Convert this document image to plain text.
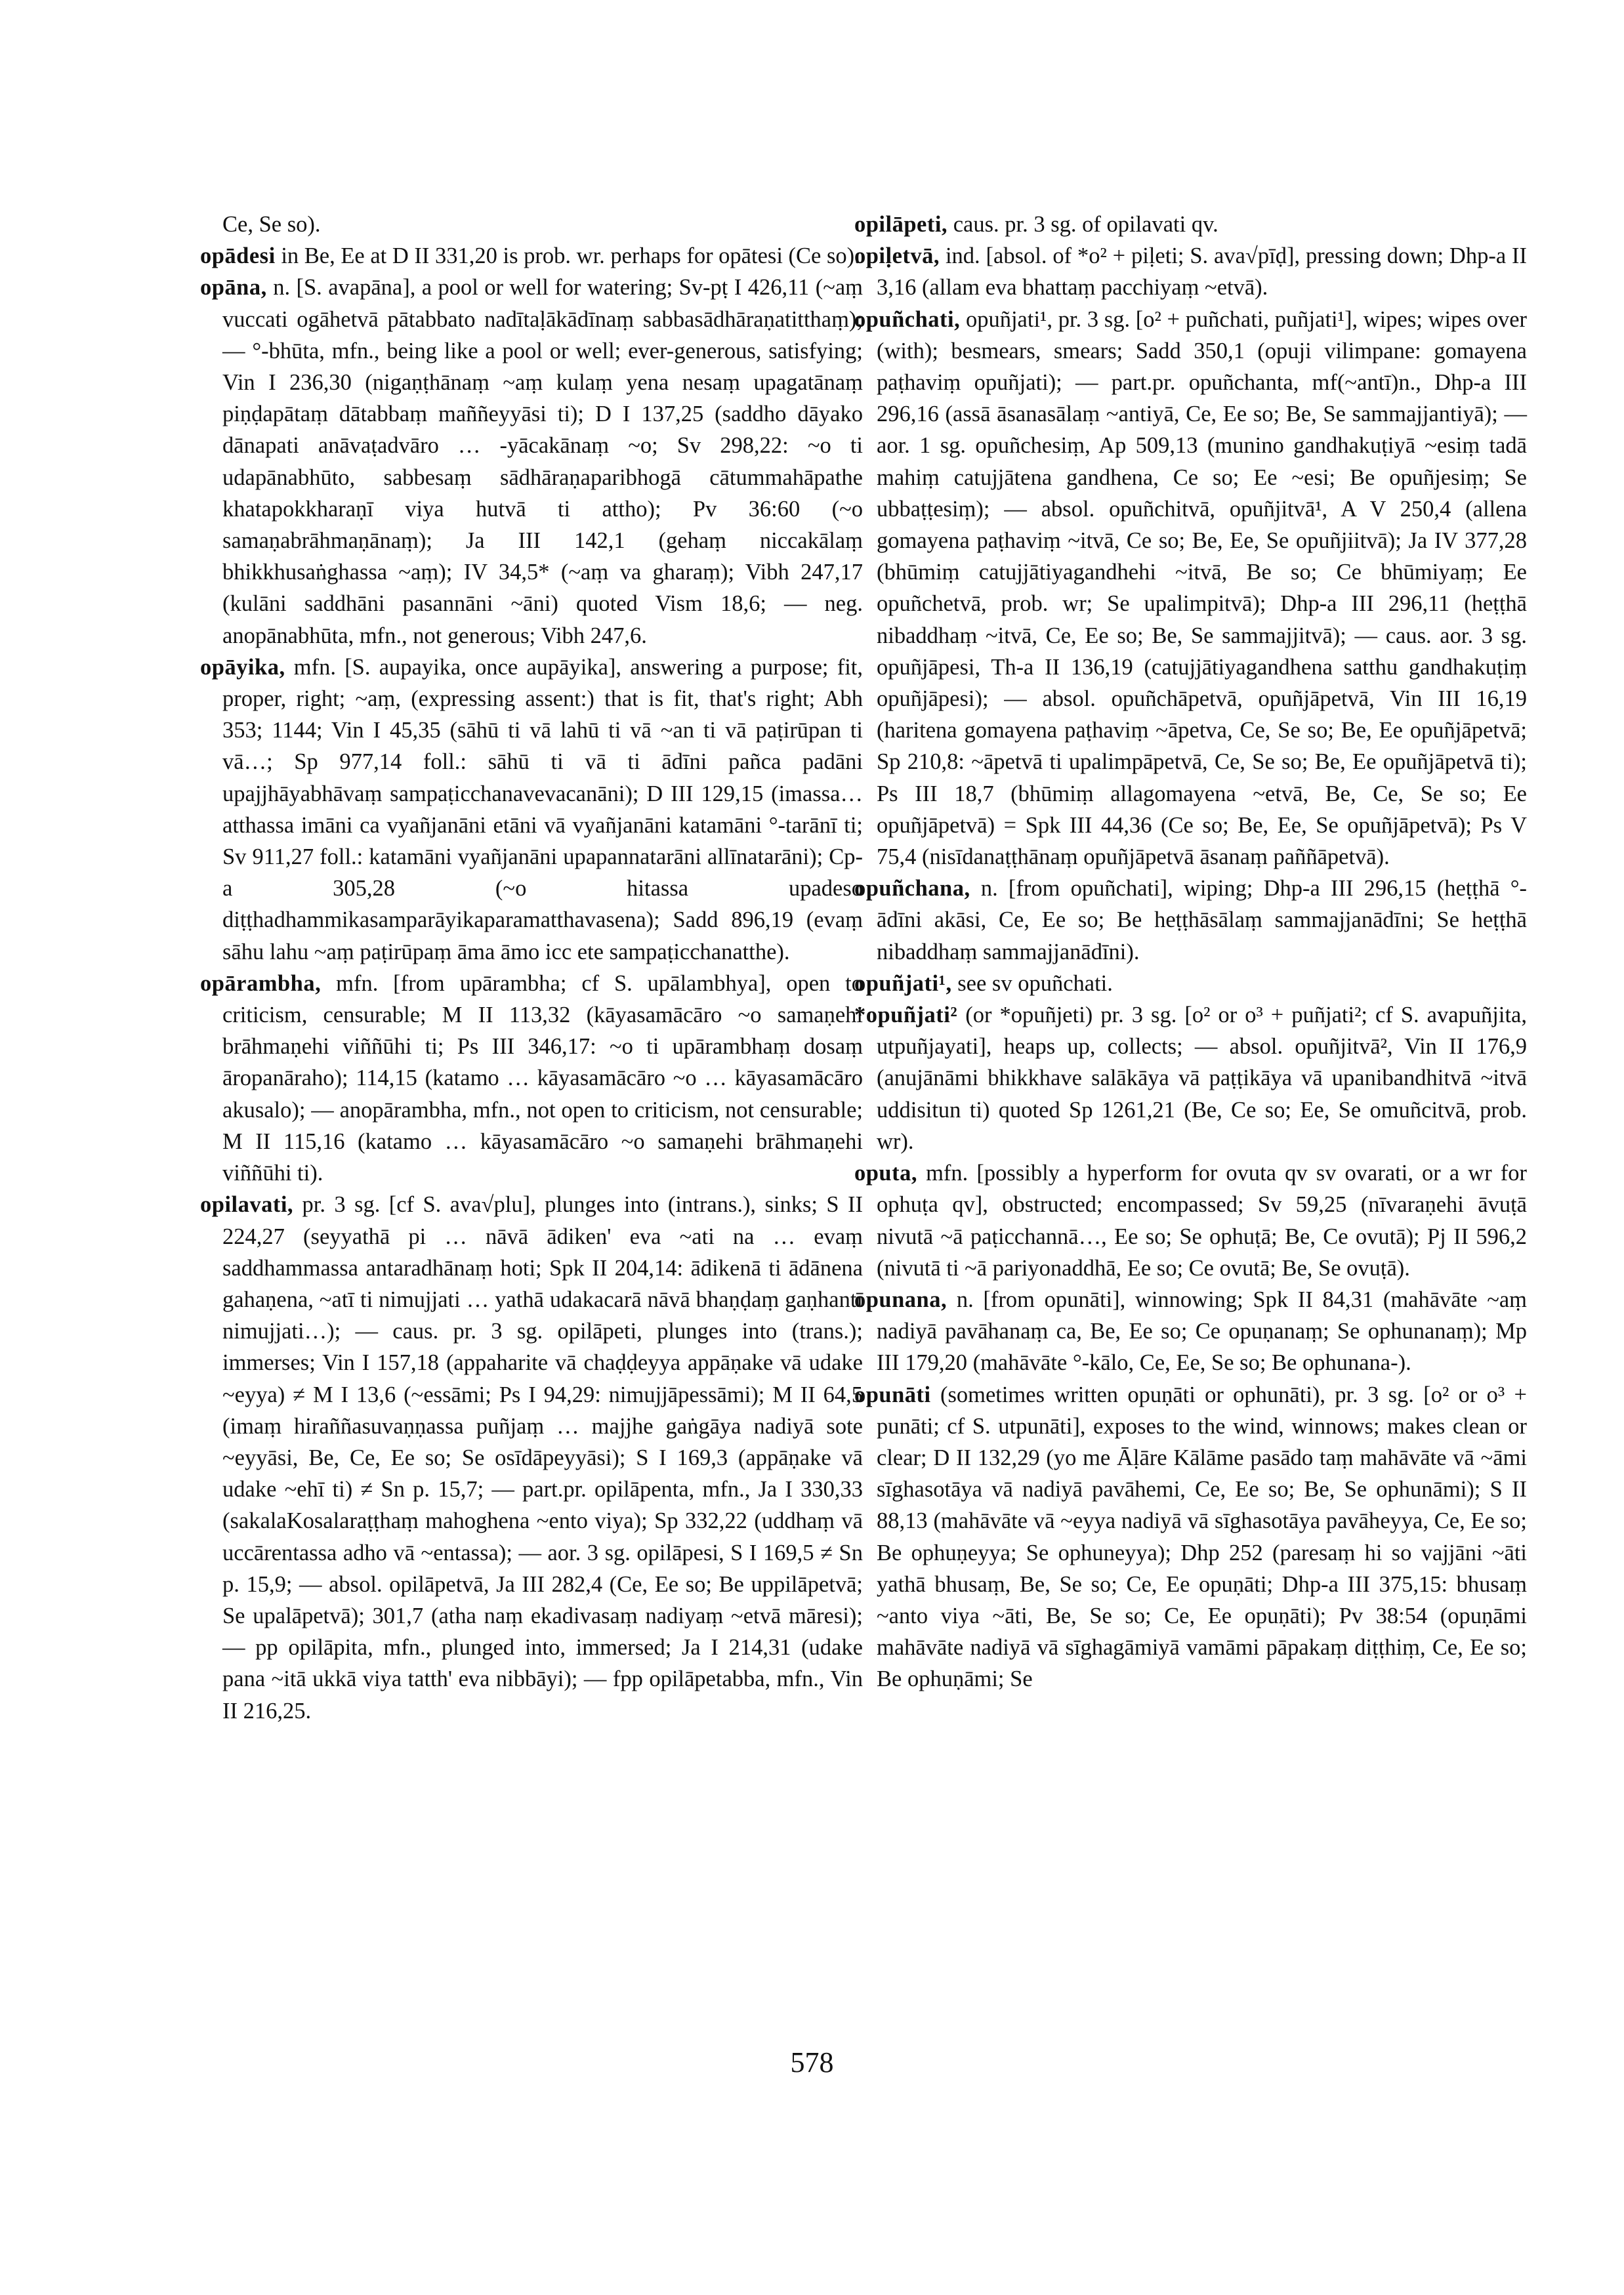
Ce, Se so).

opādesi in Be, Ee at D II 331,20 is prob. wr. perhaps for opātesi (Ce so).

opāna, n. [S. avapāna], a pool or well for watering; Sv-pṭ I 426,11 (~aṃ vuccati ogāhetvā pātabbato nadītaḷākādīnaṃ sabbasādhāraṇatitthaṃ); — °-bhūta, mfn., being like a pool or well; ever-generous, satisfying; Vin I 236,30 (nigaṇṭhānaṃ ~aṃ kulaṃ yena nesaṃ upagatānaṃ piṇḍapātaṃ dātabbaṃ maññeyyāsi ti); D I 137,25 (saddho dāyako dānapati anāvaṭadvāro … -yācakānaṃ ~o; Sv 298,22: ~o ti udapānabhūto, sabbesaṃ sādhāraṇaparibhogā cātummahāpathe khatapokkharaṇī viya hutvā ti attho); Pv 36:60 (~o samaṇabrāhmaṇānaṃ); Ja III 142,1 (gehaṃ niccakālaṃ bhikkhusaṅghassa ~aṃ); IV 34,5* (~aṃ va gharaṃ); Vibh 247,17 (kulāni saddhāni pasannāni ~āni) quoted Vism 18,6; — neg. anopānabhūta, mfn., not generous; Vibh 247,6.

opāyika, mfn. [S. aupayika, once aupāyika], answering a purpose; fit, proper, right; ~aṃ, (expressing assent:) that is fit, that's right; Abh 353; 1144; Vin I 45,35 (sāhū ti vā lahū ti vā ~an ti vā paṭirūpan ti vā…; Sp 977,14 foll.: sāhū ti vā ti ādīni pañca padāni upajjhāyabhāvaṃ sampaṭicchanavevacanāni); D III 129,15 (imassa… atthassa imāni ca vyañjanāni etāni vā vyañjanāni katamāni °-tarānī ti; Sv 911,27 foll.: katamāni vyañjanāni upapannatarāni allīnatarāni); Cp-a 305,28 (~o hitassa upadeso diṭṭhadhammikasamparāyikaparamatthavasena); Sadd 896,19 (evaṃ sāhu lahu ~aṃ paṭirūpaṃ āma āmo icc ete sampaṭicchanatthe).

opārambha, mfn. [from upārambha; cf S. upālambhya], open to criticism, censurable; M II 113,32 (kāyasamācāro ~o samaṇehi brāhmaṇehi viññūhi ti; Ps III 346,17: ~o ti upārambhaṃ dosaṃ āropanāraho); 114,15 (katamo … kāyasamācāro ~o … kāyasamācāro akusalo); — anopārambha, mfn., not open to criticism, not censurable; M II 115,16 (katamo … kāyasamācāro ~o samaṇehi brāhmaṇehi viññūhi ti).

opilavati, pr. 3 sg. [cf S. ava√plu], plunges into (intrans.), sinks; S II 224,27 (seyyathā pi … nāvā ādiken' eva ~ati na … evaṃ saddhammassa antaradhānaṃ hoti; Spk II 204,14: ādikenā ti ādānena gahaṇena, ~atī ti nimujjati … yathā udakacarā nāvā bhaṇḍaṃ gaṇhantī nimujjati…); — caus. pr. 3 sg. opilāpeti, plunges into (trans.); immerses; Vin I 157,18 (appaharite vā chaḍḍeyya appāṇake vā udake ~eyya) ≠ M I 13,6 (~essāmi; Ps I 94,29: nimujjāpessāmi); M II 64,5 (imaṃ hiraññasuvaṇṇassa puñjaṃ … majjhe gaṅgāya nadiyā sote ~eyyāsi, Be, Ce, Ee so; Se osīdāpeyyāsi); S I 169,3 (appāṇake vā udake ~ehī ti) ≠ Sn p. 15,7; — part.pr. opilāpenta, mfn., Ja I 330,33 (sakalaKosalaraṭṭhaṃ mahoghena ~ento viya); Sp 332,22 (uddhaṃ vā uccārentassa adho vā ~entassa); — aor. 3 sg. opilāpesi, S I 169,5 ≠ Sn p. 15,9; — absol. opilāpetvā, Ja III 282,4 (Ce, Ee so; Be uppilāpetvā; Se upalāpetvā); 301,7 (atha naṃ ekadivasaṃ nadiyaṃ ~etvā māresi); — pp opilāpita, mfn., plunged into, immersed; Ja I 214,31 (udake pana ~itā ukkā viya tatth' eva nibbāyi); — fpp opilāpetabba, mfn., Vin II 216,25.

opilāpeti, caus. pr. 3 sg. of opilavati qv.

opiḷetvā, ind. [absol. of *o² + piḷeti; S. ava√pīḍ], pressing down; Dhp-a II 3,16 (allam eva bhattaṃ pacchiyaṃ ~etvā).

opuñchati, opuñjati¹, pr. 3 sg. [o² + puñchati, puñjati¹], wipes; wipes over (with); besmears, smears; Sadd 350,1 (opuji vilimpane: gomayena paṭhaviṃ opuñjati); — part.pr. opuñchanta, mf(~antī)n., Dhp-a III 296,16 (assā āsanasālaṃ ~antiyā, Ce, Ee so; Be, Se sammajjantiyā); — aor. 1 sg. opuñchesiṃ, Ap 509,13 (munino gandhakuṭiyā ~esiṃ tadā mahiṃ catujjātena gandhena, Ce so; Ee ~esi; Be opuñjesiṃ; Se ubbaṭṭesiṃ); — absol. opuñchitvā, opuñjitvā¹, A V 250,4 (allena gomayena paṭhaviṃ ~itvā, Ce so; Be, Ee, Se opuñjiitvā); Ja IV 377,28 (bhūmiṃ catujjātiyagandhehi ~itvā, Be so; Ce bhūmiyaṃ; Ee opuñchetvā, prob. wr; Se upalimpitvā); Dhp-a III 296,11 (heṭṭhā nibaddhaṃ ~itvā, Ce, Ee so; Be, Se sammajjitvā); — caus. aor. 3 sg. opuñjāpesi, Th-a II 136,19 (catujjātiyagandhena satthu gandhakuṭiṃ opuñjāpesi); — absol. opuñchāpetvā, opuñjāpetvā, Vin III 16,19 (haritena gomayena paṭhaviṃ ~āpetva, Ce, Se so; Be, Ee opuñjāpetvā; Sp 210,8: ~āpetvā ti upalimpāpetvā, Ce, Se so; Be, Ee opuñjāpetvā ti); Ps III 18,7 (bhūmiṃ allagomayena ~etvā, Be, Ce, Se so; Ee opuñjāpetvā) = Spk III 44,36 (Ce so; Be, Ee, Se opuñjāpetvā); Ps V 75,4 (nisīdanaṭṭhānaṃ opuñjāpetvā āsanaṃ paññāpetvā).

opuñchana, n. [from opuñchati], wiping; Dhp-a III 296,15 (heṭṭhā °-ādīni akāsi, Ce, Ee so; Be heṭṭhāsālaṃ sammajjanādīni; Se heṭṭhā nibaddhaṃ sammajjanādīni).

opuñjati¹, see sv opuñchati.

*opuñjati² (or *opuñjeti) pr. 3 sg. [o² or o³ + puñjati²; cf S. avapuñjita, utpuñjayati], heaps up, collects; — absol. opuñjitvā², Vin II 176,9 (anujānāmi bhikkhave salākāya vā paṭṭikāya vā upanibandhitvā ~itvā uddisitun ti) quoted Sp 1261,21 (Be, Ce so; Ee, Se omuñcitvā, prob. wr).

oputa, mfn. [possibly a hyperform for ovuta qv sv ovarati, or a wr for ophuṭa qv], obstructed; encompassed; Sv 59,25 (nīvaraṇehi āvuṭā nivutā ~ā paṭicchannā…, Ee so; Se ophuṭā; Be, Ce ovutā); Pj II 596,2 (nivutā ti ~ā pariyonaddhā, Ee so; Ce ovutā; Be, Se ovuṭā).

opunana, n. [from opunāti], winnowing; Spk II 84,31 (mahāvāte ~aṃ nadiyā pavāhanaṃ ca, Be, Ee so; Ce opuṇanaṃ; Se ophunanaṃ); Mp III 179,20 (mahāvāte °-kālo, Ce, Ee, Se so; Be ophunana-).

opunāti (sometimes written opuṇāti or ophunāti), pr. 3 sg. [o² or o³ + punāti; cf S. utpunāti], exposes to the wind, winnows; makes clean or clear; D II 132,29 (yo me Āḷāre Kālāme pasādo taṃ mahāvāte vā ~āmi sīghasotāya vā nadiyā pavāhemi, Ce, Ee so; Be, Se ophunāmi); S II 88,13 (mahāvāte vā ~eyya nadiyā vā sīghasotāya pavāheyya, Ce, Ee so; Be ophuṇeyya; Se ophuneyya); Dhp 252 (paresaṃ hi so vajjāni ~āti yathā bhusaṃ, Be, Se so; Ce, Ee opuṇāti; Dhp-a III 375,15: bhusaṃ ~anto viya ~āti, Be, Se so; Ce, Ee opuṇāti); Pv 38:54 (opuṇāmi mahāvāte nadiyā vā sīghagāmiyā vamāmi pāpakaṃ diṭṭhiṃ, Ce, Ee so; Be ophuṇāmi; Se

578
